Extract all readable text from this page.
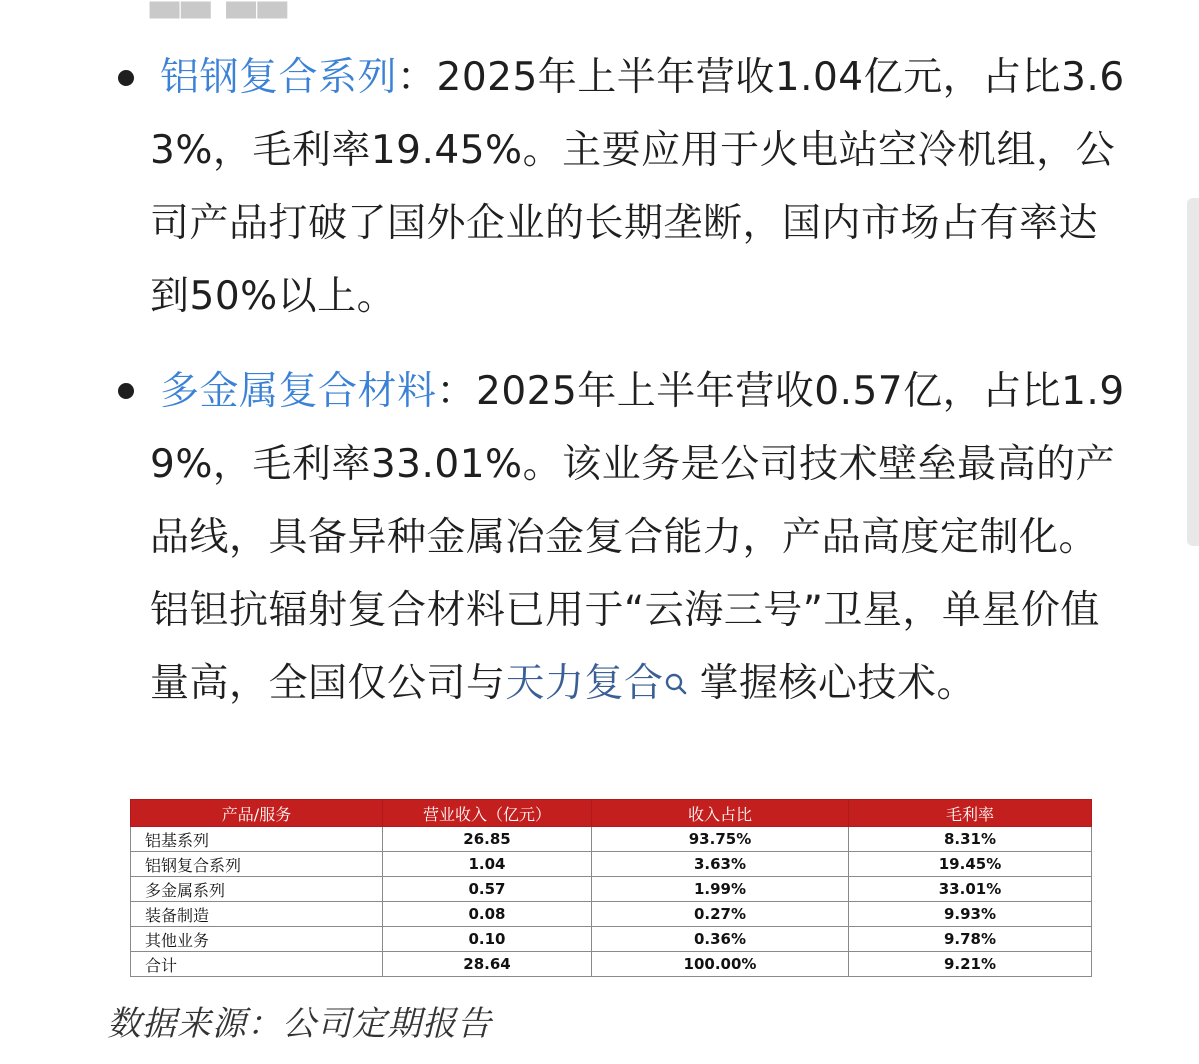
铝钢复合系列：2025年上半年营收1.04亿元，占比3.63%，毛利率19.45%。主要应用于火电站空冷机组，公司产品打破了国外企业的长期垄断，国内市场占有率达到50%以上。
多金属复合材料：2025年上半年营收0.57亿，占比1.99%，毛利率33.01%。该业务是公司技术壁垒最高的产品线，具备异种金属冶金复合能力，产品高度定制化。铝钽抗辐射复合材料已用于“云海三号”卫星，单星价值量高，全国仅公司与天力复合 掌握核心技术。
产品/服务	营业收入（亿元）	收入占比	毛利率
铝基系列	26.85	93.75%	8.31%
铝钢复合系列	1.04	3.63%	19.45%
多金属系列	0.57	1.99%	33.01%
装备制造	0.08	0.27%	9.93%
其他业务	0.10	0.36%	9.78%
合计	28.64	100.00%	9.21%
数据来源：公司定期报告
